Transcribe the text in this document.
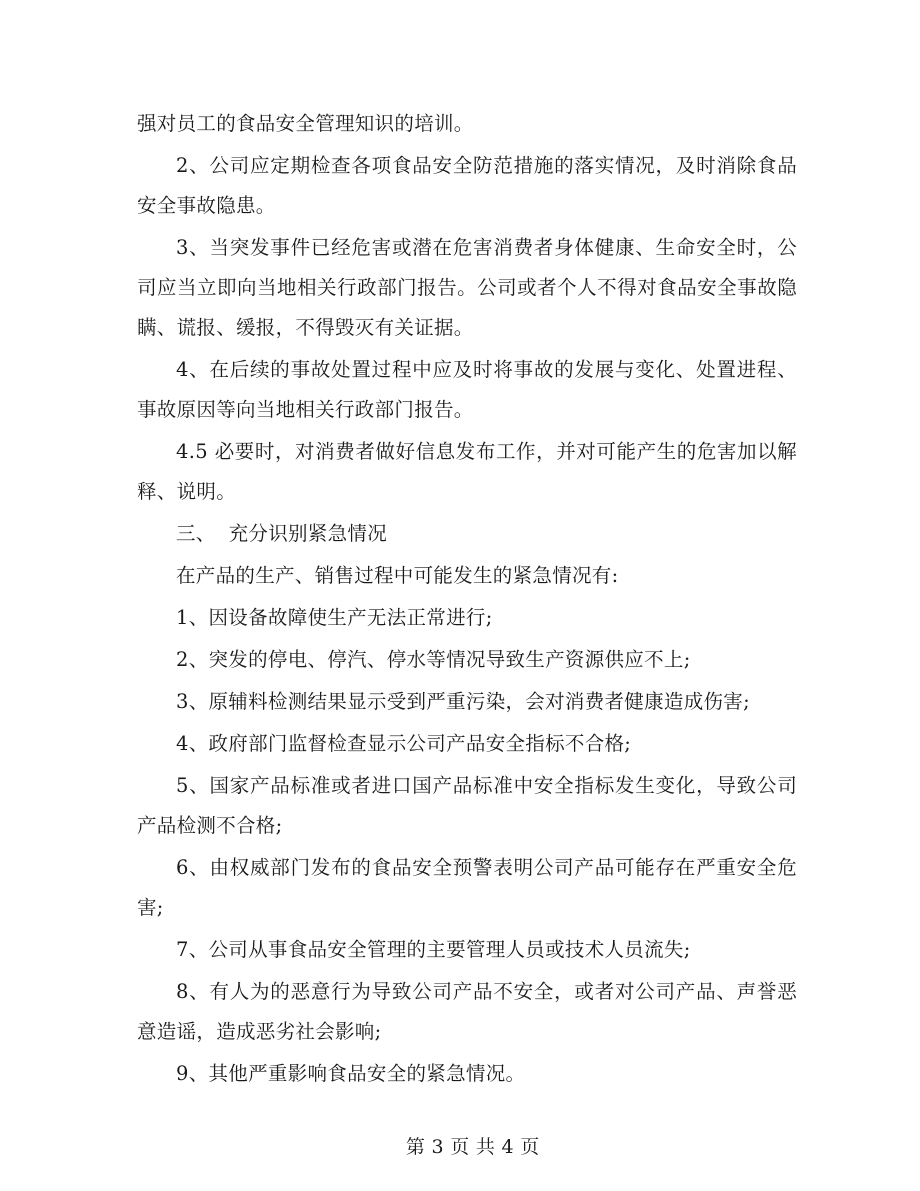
强对员工的食品安全管理知识的培训。

2、公司应定期检查各项食品安全防范措施的落实情况，及时消除食品安全事故隐患。

3、当突发事件已经危害或潜在危害消费者身体健康、生命安全时，公司应当立即向当地相关行政部门报告。公司或者个人不得对食品安全事故隐瞒、谎报、缓报，不得毁灭有关证据。

4、在后续的事故处置过程中应及时将事故的发展与变化、处置进程、事故原因等向当地相关行政部门报告。

4.5 必要时，对消费者做好信息发布工作，并对可能产生的危害加以解释、说明。

三、  充分识别紧急情况

在产品的生产、销售过程中可能发生的紧急情况有:

1、因设备故障使生产无法正常进行;

2、突发的停电、停汽、停水等情况导致生产资源供应不上;

3、原辅料检测结果显示受到严重污染，会对消费者健康造成伤害;

4、政府部门监督检查显示公司产品安全指标不合格;

5、国家产品标准或者进口国产品标准中安全指标发生变化，导致公司产品检测不合格;

6、由权威部门发布的食品安全预警表明公司产品可能存在严重安全危害;

7、公司从事食品安全管理的主要管理人员或技术人员流失;

8、有人为的恶意行为导致公司产品不安全，或者对公司产品、声誉恶意造谣，造成恶劣社会影响;

9、其他严重影响食品安全的紧急情况。

第 3 页 共 4 页
